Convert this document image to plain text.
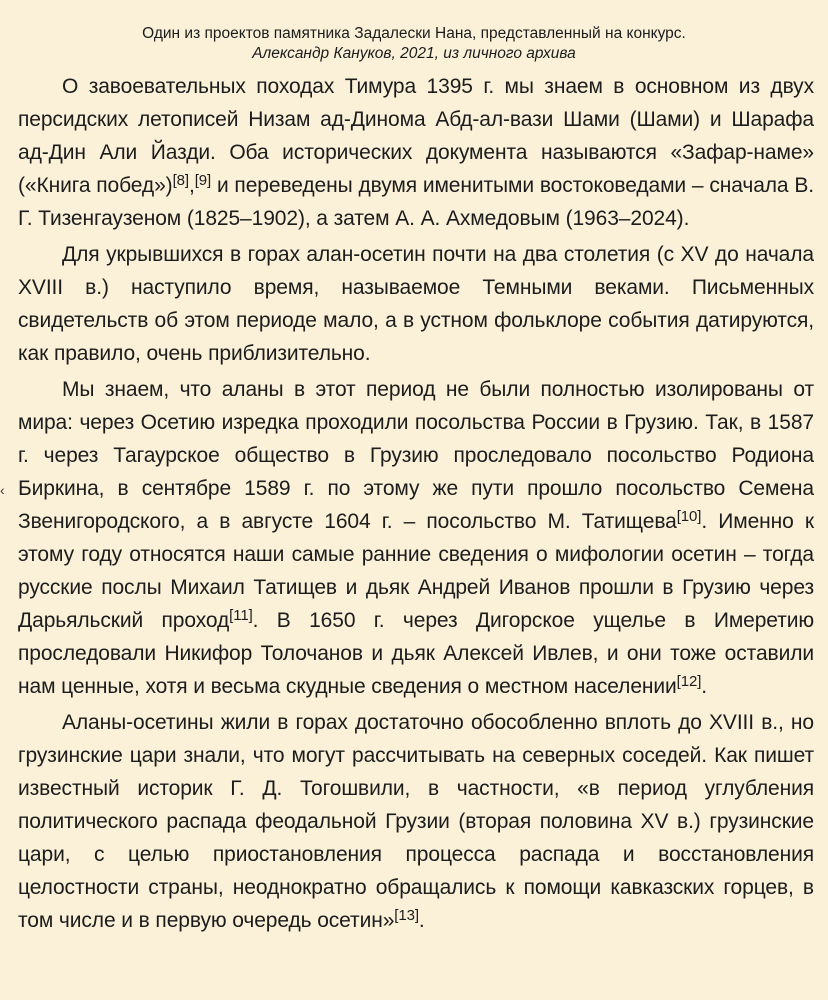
Один из проектов памятника Задалески Нана, представленный на конкурс.
Александр Кануков, 2021, из личного архива

О завоевательных походах Тимура 1395 г. мы знаем в основном из двух персидских летописей Низам ад-Динома Абд-ал-вази Шами (Шами) и Шарафа ад-Дин Али Йазди. Оба исторических документа называются «Зафар-наме» («Книга побед»)[8],[9] и переведены двумя именитыми востоковедами – сначала В. Г. Тизенгаузеном (1825–1902), а затем А. А. Ахмедовым (1963–2024).

Для укрывшихся в горах алан-осетин почти на два столетия (с XV до начала XVIII в.) наступило время, называемое Темными веками. Письменных свидетельств об этом периоде мало, а в устном фольклоре события датируются, как правило, очень приблизительно.

Мы знаем, что аланы в этот период не были полностью изолированы от мира: через Осетию изредка проходили посольства России в Грузию. Так, в 1587 г. через Тагаурское общество в Грузию проследовало посольство Родиона Биркина, в сентябре 1589 г. по этому же пути прошло посольство Семена Звенигородского, а в августе 1604 г. – посольство М. Татищева[10]. Именно к этому году относятся наши самые ранние сведения о мифологии осетин – тогда русские послы Михаил Татищев и дьяк Андрей Иванов прошли в Грузию через Дарьяльский проход[11]. В 1650 г. через Дигорское ущелье в Имеретию проследовали Никифор Толочанов и дьяк Алексей Ивлев, и они тоже оставили нам ценные, хотя и весьма скудные сведения о местном населении[12].

Аланы-осетины жили в горах достаточно обособленно вплоть до XVIII в., но грузинские цари знали, что могут рассчитывать на северных соседей. Как пишет известный историк Г. Д. Тогошвили, в частности, «в период углубления политического распада феодальной Грузии (вторая половина XV в.) грузинские цари, с целью приостановления процесса распада и восстановления целостности страны, неоднократно обращались к помощи кавказских горцев, в том числе и в первую очередь осетин»[13].

‹
